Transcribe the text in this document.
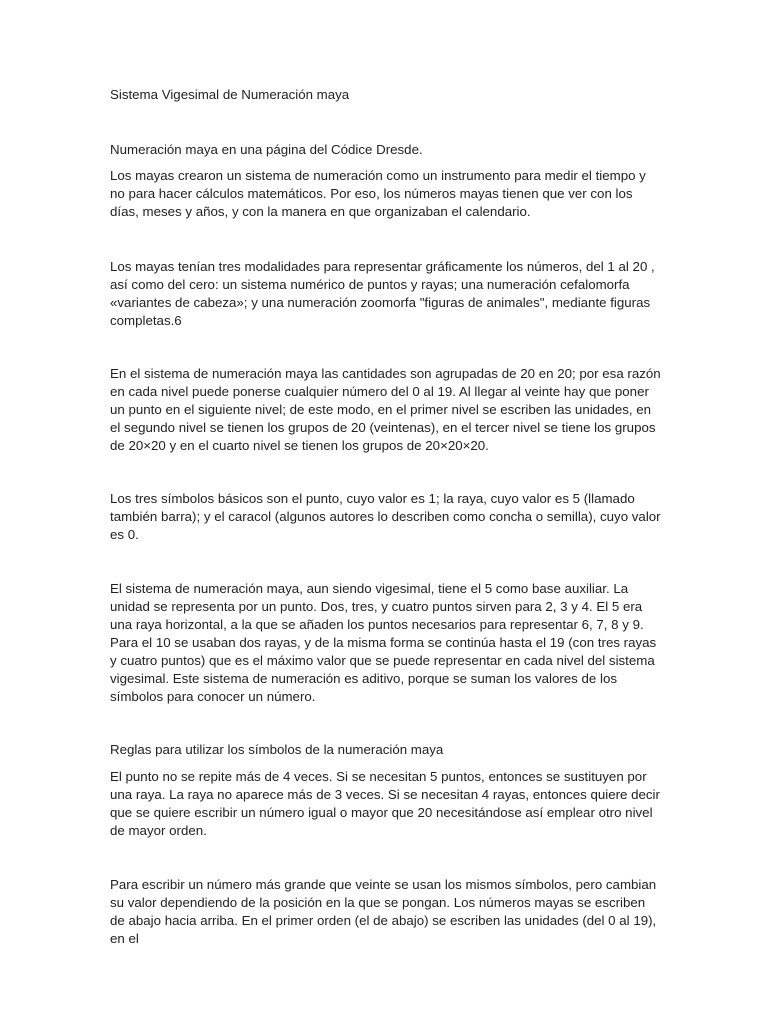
Sistema Vigesimal de Numeración maya

Numeración maya en una página del Códice Dresde.

Los mayas crearon un sistema de numeración como un instrumento para medir el tiempo y no para hacer cálculos matemáticos. Por eso, los números mayas tienen que ver con los días, meses y años, y con la manera en que organizaban el calendario.

Los mayas tenían tres modalidades para representar gráficamente los números, del 1 al 20 , así como del cero: un sistema numérico de puntos y rayas; una numeración cefalomorfa «variantes de cabeza»; y una numeración zoomorfa "figuras de animales", mediante figuras completas.6

En el sistema de numeración maya las cantidades son agrupadas de 20 en 20; por esa razón en cada nivel puede ponerse cualquier número del 0 al 19. Al llegar al veinte hay que poner un punto en el siguiente nivel; de este modo, en el primer nivel se escriben las unidades, en el segundo nivel se tienen los grupos de 20 (veintenas), en el tercer nivel se tiene los grupos de 20×20 y en el cuarto nivel se tienen los grupos de 20×20×20.

Los tres símbolos básicos son el punto, cuyo valor es 1; la raya, cuyo valor es 5 (llamado también barra); y el caracol (algunos autores lo describen como concha o semilla), cuyo valor es 0.

El sistema de numeración maya, aun siendo vigesimal, tiene el 5 como base auxiliar. La unidad se representa por un punto. Dos, tres, y cuatro puntos sirven para 2, 3 y 4. El 5 era una raya horizontal, a la que se añaden los puntos necesarios para representar 6, 7, 8 y 9. Para el 10 se usaban dos rayas, y de la misma forma se continúa hasta el 19 (con tres rayas y cuatro puntos) que es el máximo valor que se puede representar en cada nivel del sistema vigesimal. Este sistema de numeración es aditivo, porque se suman los valores de los símbolos para conocer un número.

Reglas para utilizar los símbolos de la numeración maya

El punto no se repite más de 4 veces. Si se necesitan 5 puntos, entonces se sustituyen por una raya. La raya no aparece más de 3 veces. Si se necesitan 4 rayas, entonces quiere decir que se quiere escribir un número igual o mayor que 20 necesitándose así emplear otro nivel de mayor orden.

Para escribir un número más grande que veinte se usan los mismos símbolos, pero cambian su valor dependiendo de la posición en la que se pongan. Los números mayas se escriben de abajo hacia arriba. En el primer orden (el de abajo) se escriben las unidades (del 0 al 19), en el
